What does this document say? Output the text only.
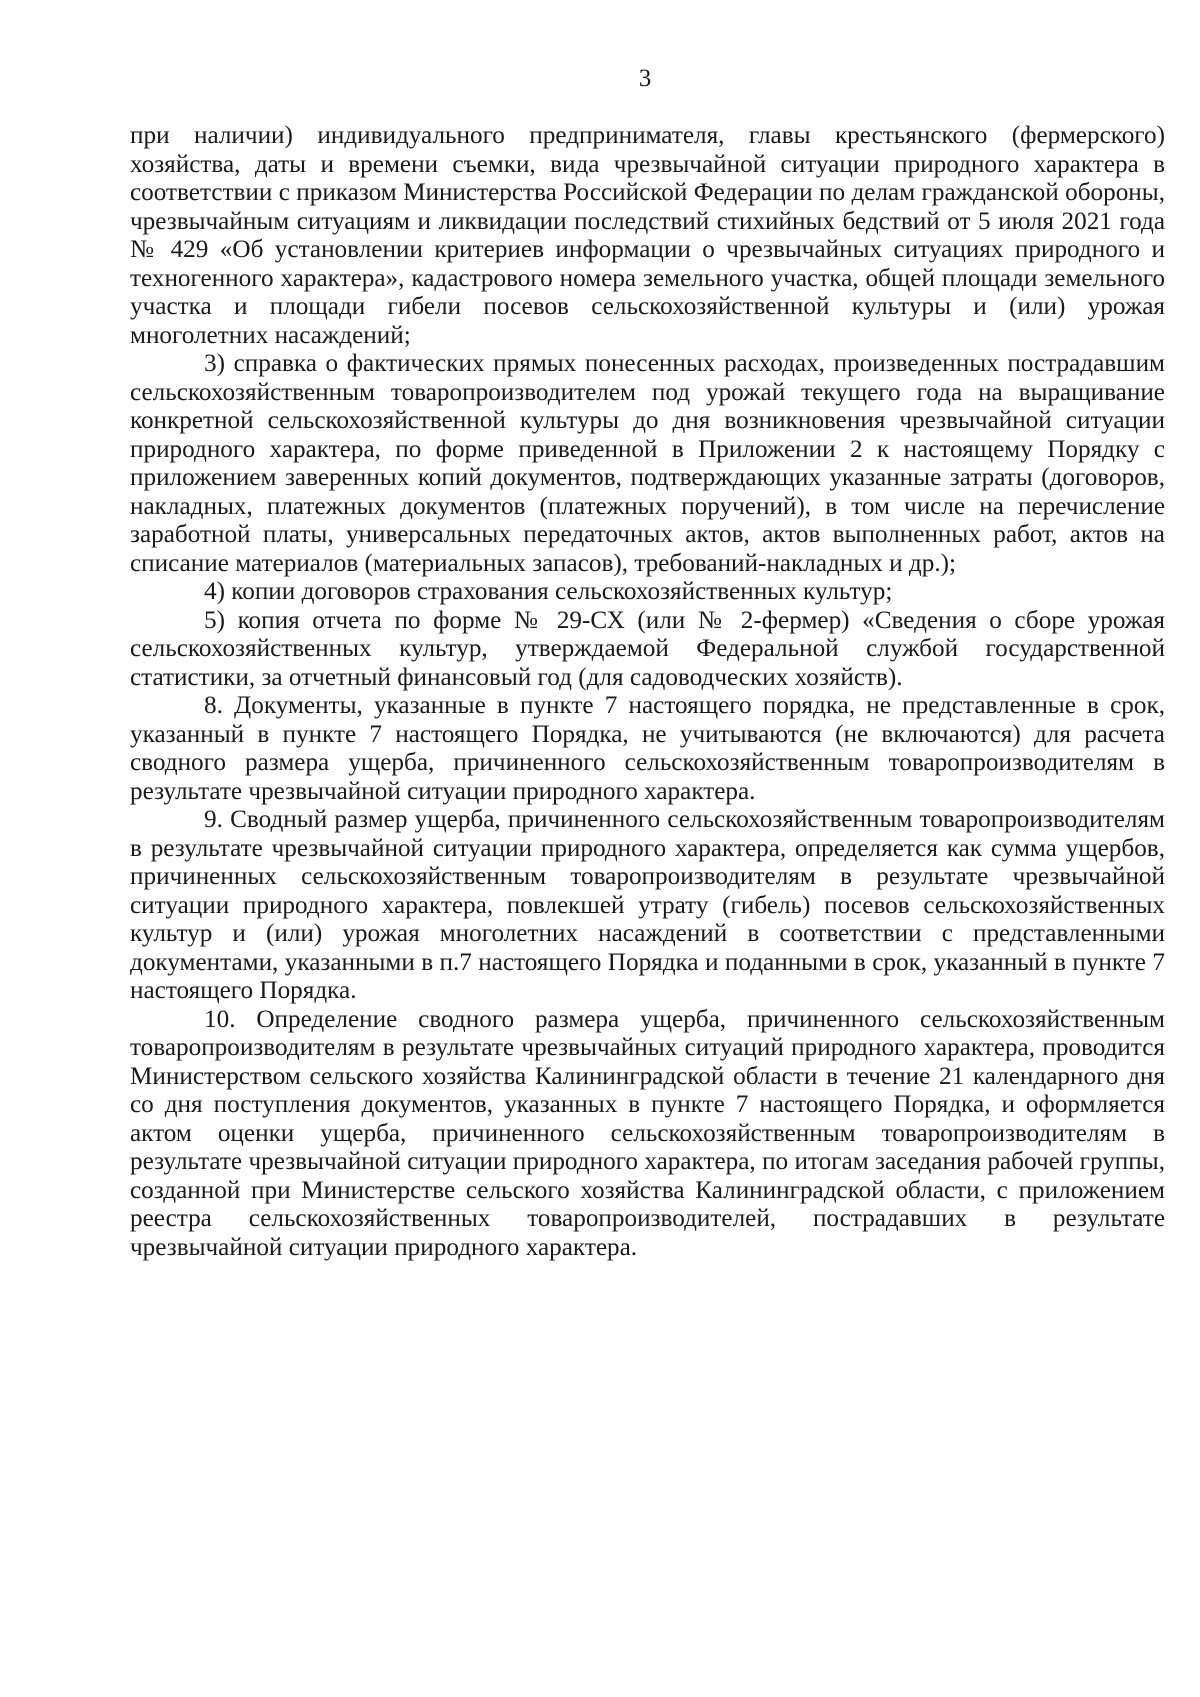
3

при наличии) индивидуального предпринимателя, главы крестьянского (фермерского) хозяйства, даты и времени съемки, вида чрезвычайной ситуации природного характера в соответствии с приказом Министерства Российской Федерации по делам гражданской обороны, чрезвычайным ситуациям и ликвидации последствий стихийных бедствий от 5 июля 2021 года № 429 «Об установлении критериев информации о чрезвычайных ситуациях природного и техногенного характера», кадастрового номера земельного участка, общей площади земельного участка и площади гибели посевов сельскохозяйственной культуры и (или) урожая многолетних насаждений;

3) справка о фактических прямых понесенных расходах, произведенных пострадавшим сельскохозяйственным товаропроизводителем под урожай текущего года на выращивание конкретной сельскохозяйственной культуры до дня возникновения чрезвычайной ситуации природного характера, по форме приведенной в Приложении 2 к настоящему Порядку с приложением заверенных копий документов, подтверждающих указанные затраты (договоров, накладных, платежных документов (платежных поручений), в том числе на перечисление заработной платы, универсальных передаточных актов, актов выполненных работ, актов на списание материалов (материальных запасов), требований-накладных и др.);

4) копии договоров страхования сельскохозяйственных культур;

5) копия отчета по форме № 29-СХ (или № 2-фермер) «Сведения о сборе урожая сельскохозяйственных культур, утверждаемой Федеральной службой государственной статистики, за отчетный финансовый год (для садоводческих хозяйств).

8. Документы, указанные в пункте 7 настоящего порядка, не представленные в срок, указанный в пункте 7 настоящего Порядка, не учитываются (не включаются) для расчета сводного размера ущерба, причиненного сельскохозяйственным товаропроизводителям в результате чрезвычайной ситуации природного характера.

9. Сводный размер ущерба, причиненного сельскохозяйственным товаропроизводителям в результате чрезвычайной ситуации природного характера, определяется как сумма ущербов, причиненных сельскохозяйственным товаропроизводителям в результате чрезвычайной ситуации природного характера, повлекшей утрату (гибель) посевов сельскохозяйственных культур и (или) урожая многолетних насаждений в соответствии с представленными документами, указанными в п.7 настоящего Порядка и поданными в срок, указанный в пункте 7 настоящего Порядка.

10. Определение сводного размера ущерба, причиненного сельскохозяйственным товаропроизводителям в результате чрезвычайных ситуаций природного характера, проводится Министерством сельского хозяйства Калининградской области в течение 21 календарного дня со дня поступления документов, указанных в пункте 7 настоящего Порядка, и оформляется актом оценки ущерба, причиненного сельскохозяйственным товаропроизводителям в результате чрезвычайной ситуации природного характера, по итогам заседания рабочей группы, созданной при Министерстве сельского хозяйства Калининградской области, с приложением реестра сельскохозяйственных товаропроизводителей, пострадавших в результате чрезвычайной ситуации природного характера.
